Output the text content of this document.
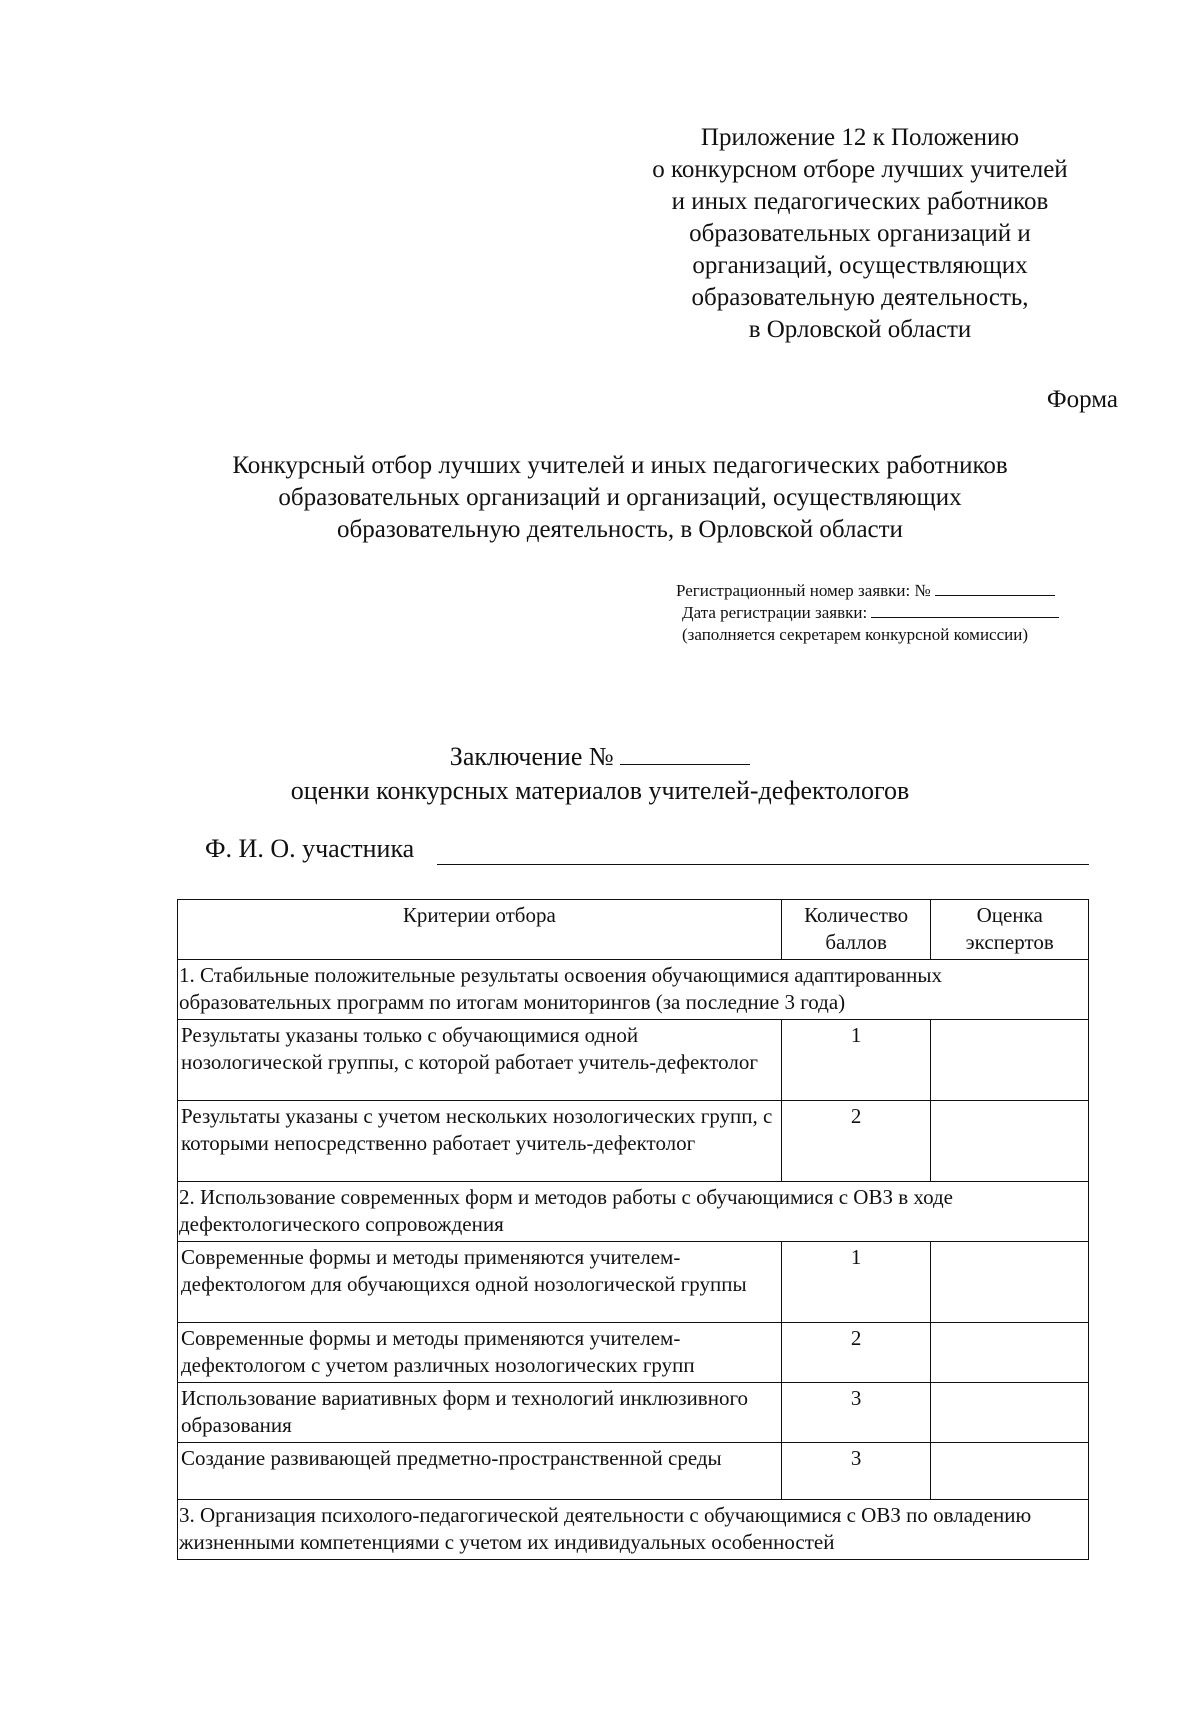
Приложение 12 к Положению
о конкурсном отборе лучших учителей
и иных педагогических работников
образовательных организаций и
организаций, осуществляющих
образовательную деятельность,
в Орловской области
Форма
Конкурсный отбор лучших учителей и иных педагогических работников
образовательных организаций и организаций, осуществляющих
образовательную деятельность, в Орловской области
Регистрационный номер заявки: №
Дата регистрации заявки:
(заполняется секретарем конкурсной комиссии)
Заключение №
оценки конкурсных материалов учителей-дефектологов
Ф. И. О. участника
Критерии отбора	Количество баллов	Оценка экспертов
1. Стабильные положительные результаты освоения обучающимися адаптированных образовательных программ по итогам мониторингов (за последние 3 года)		
Результаты указаны только с обучающимися одной нозологической группы, с которой работает учитель-дефектолог	1	
Результаты указаны с учетом нескольких нозологических групп, с которыми непосредственно работает учитель-дефектолог	2	
2. Использование современных форм и методов работы с обучающимися с ОВЗ в ходе дефектологического сопровождения		
Современные формы и методы применяются учителем-дефектологом для обучающихся одной нозологической группы	1	
Современные формы и методы применяются учителем-дефектологом с учетом различных нозологических групп	2	
Использование вариативных форм и технологий инклюзивного образования	3	
Создание развивающей предметно-пространственной среды	3	
3. Организация психолого-педагогической деятельности с обучающимися с ОВЗ по овладению жизненными компетенциями с учетом их индивидуальных особенностей		
